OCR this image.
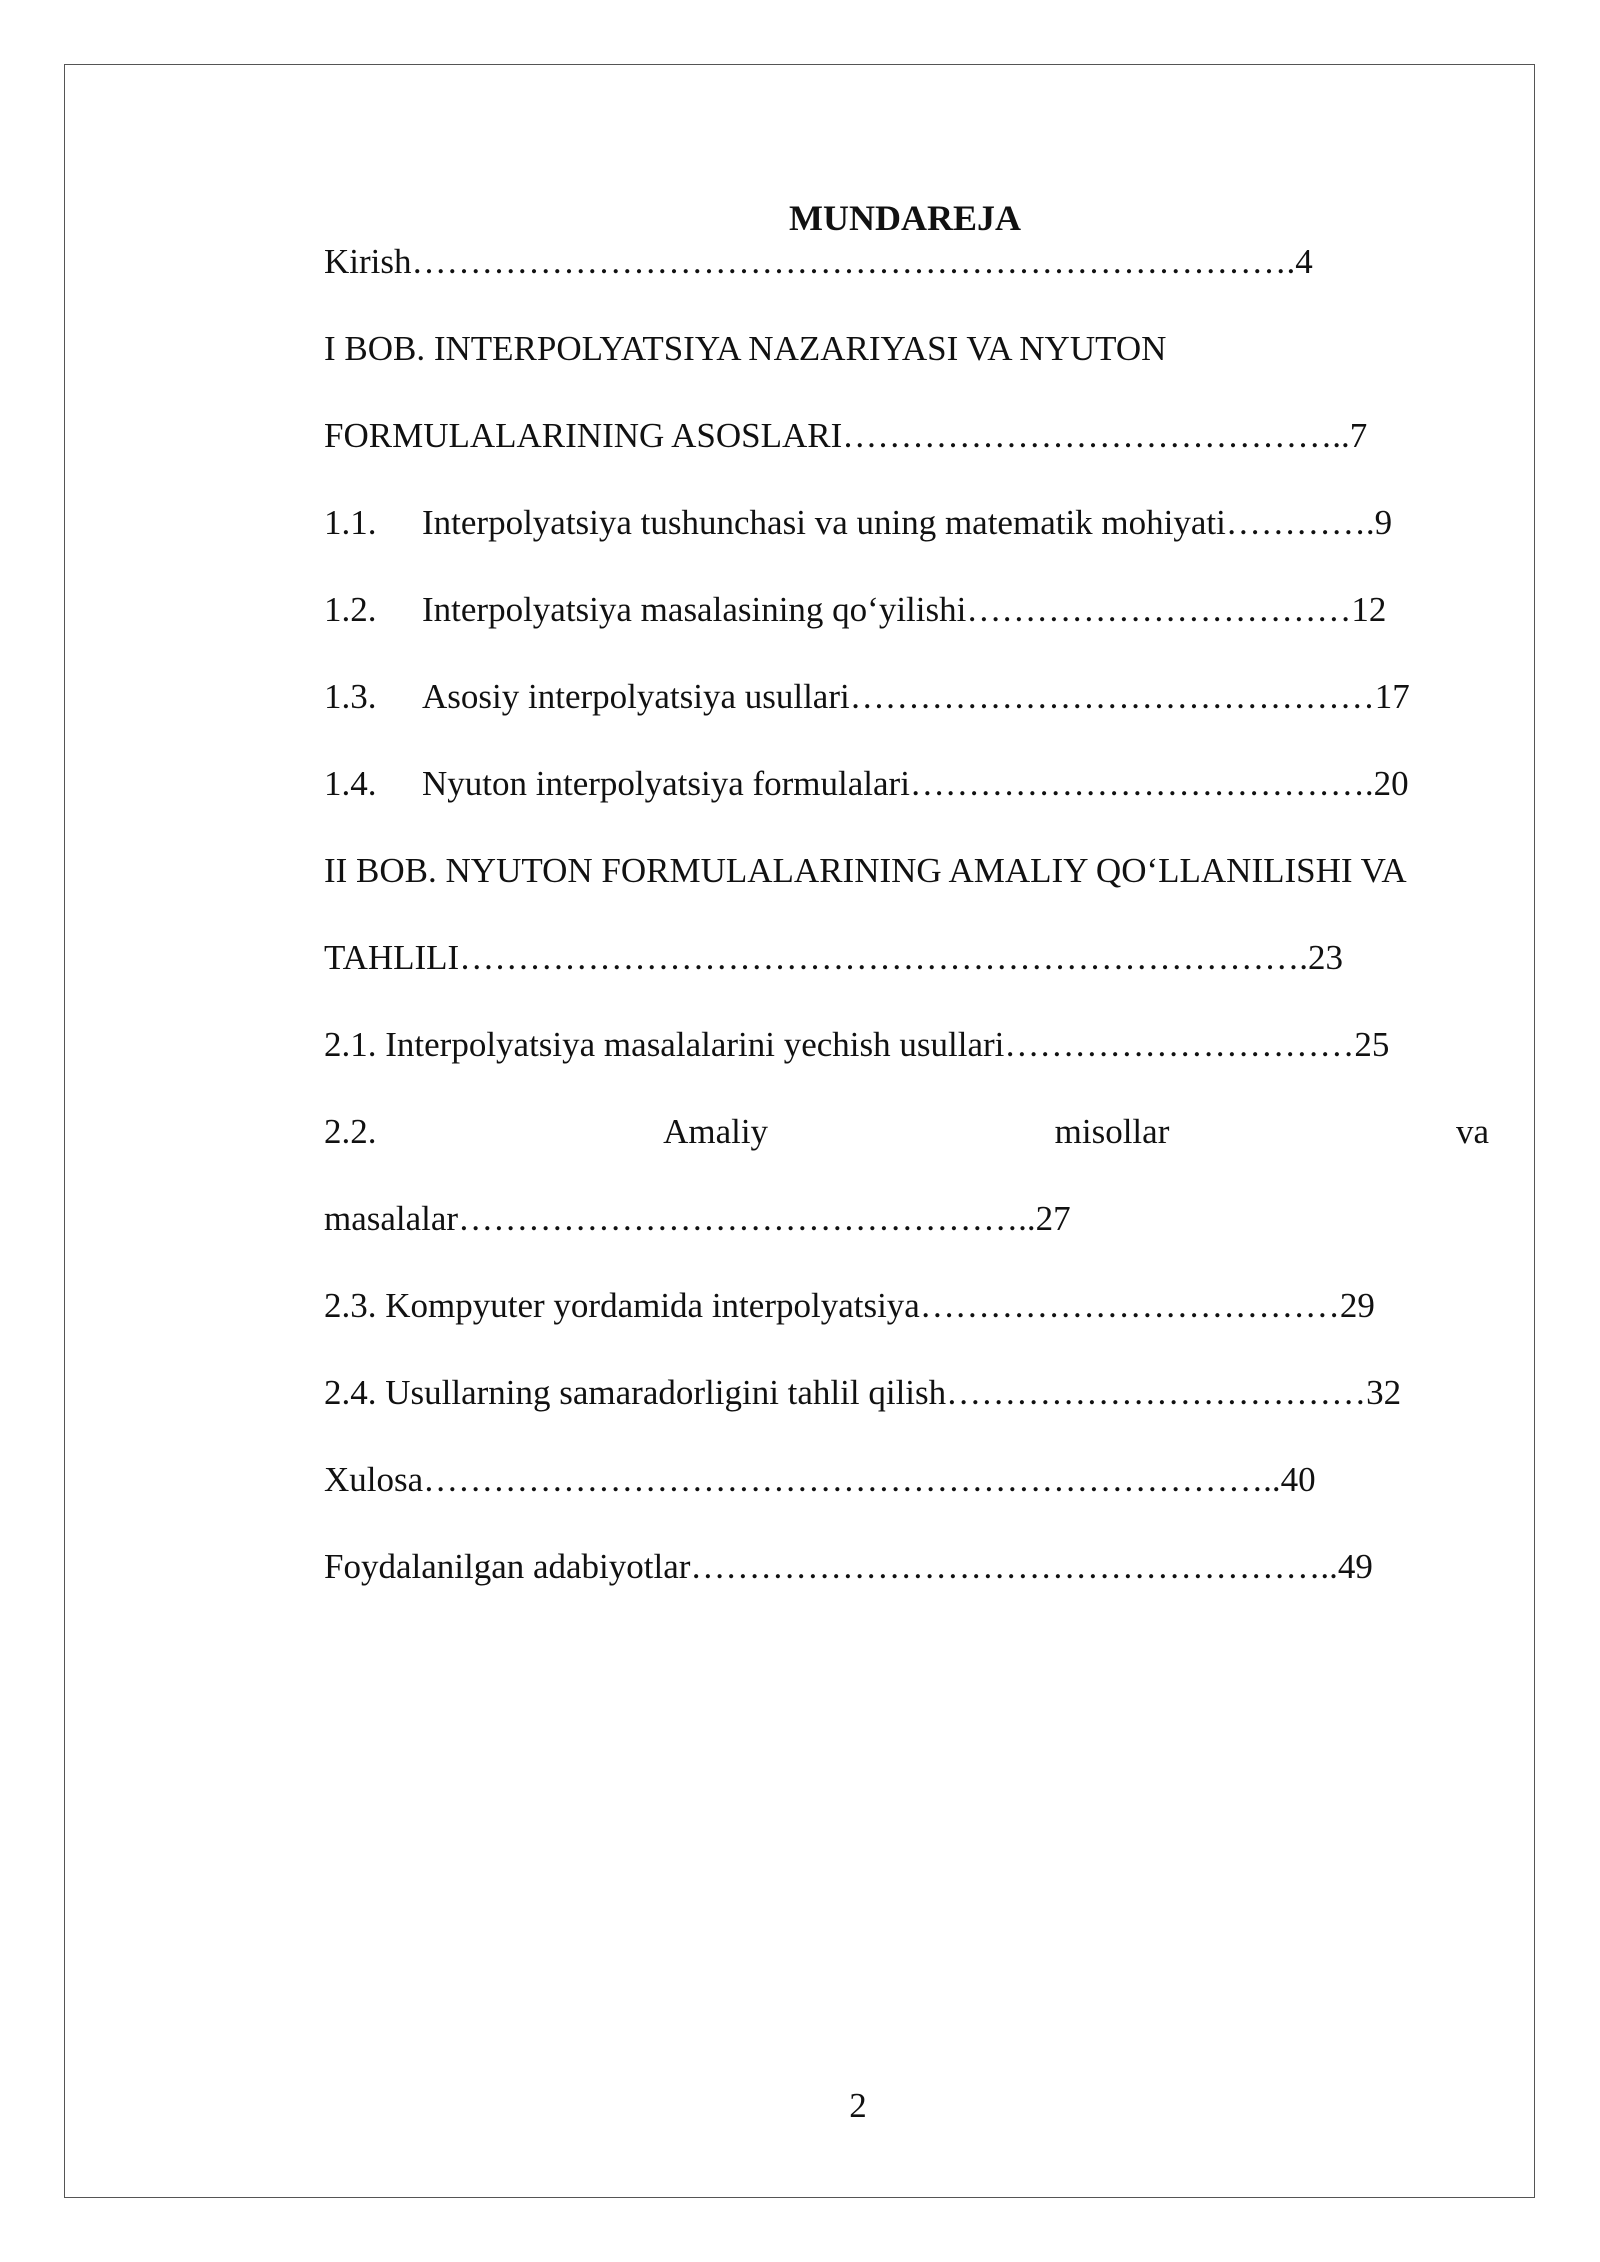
MUNDAREJA
Kirish………………………………………………………………….4
I BOB. INTERPOLYATSIYA NAZARIYASI VA NYUTON
FORMULALARINING ASOSLARI……………………………………..7
1.1. Interpolyatsiya tushunchasi va uning matematik mohiyati………….9
1.2. Interpolyatsiya masalasining qo‘yilishi……………………………12
1.3. Asosiy interpolyatsiya usullari………………………………………17
1.4. Nyuton interpolyatsiya formulalari………………………………….20
II BOB. NYUTON FORMULALARINING AMALIY QO‘LLANILISHI VA
TAHLILI……………………………………………………………….23
2.1. Interpolyatsiya masalalarini yechish usullari…………………………25
2.2.	Amaliy	misollar	va
masalalar…………………………………………..27
2.3. Kompyuter yordamida interpolyatsiya………………………………29
2.4. Usullarning samaradorligini tahlil qilish………………………………32
Xulosa………………………………………………………………..40
Foydalanilgan adabiyotlar………………………………………………..49
2
